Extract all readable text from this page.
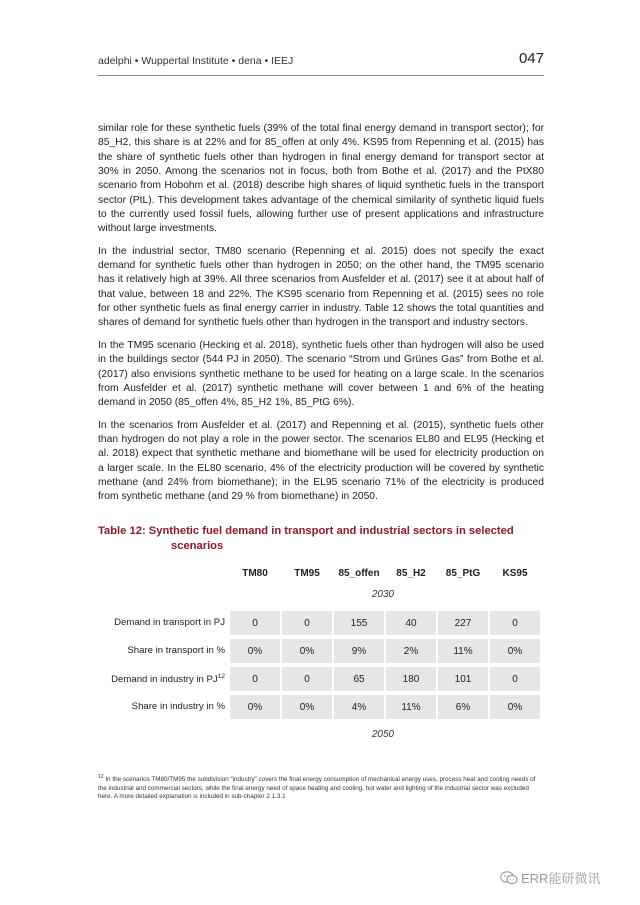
adelphi • Wuppertal Institute • dena • IEEJ	047

similar role for these synthetic fuels (39% of the total final energy demand in transport sector); for 85_H2, this share is at 22% and for 85_offen at only 4%. KS95 from Repenning et al. (2015) has the share of synthetic fuels other than hydrogen in final energy demand for transport sector at 30% in 2050. Among the scenarios not in focus, both from Bothe et al. (2017) and the PtX80 scenario from Hobohm et al. (2018) describe high shares of liquid synthetic fuels in the transport sector (PtL). This development takes advantage of the chemical similarity of synthetic liquid fuels to the currently used fossil fuels, allowing further use of present applications and infrastructure without large investments.

In the industrial sector, TM80 scenario (Repenning et al. 2015) does not specify the exact demand for synthetic fuels other than hydrogen in 2050; on the other hand, the TM95 scenario has it relatively high at 39%. All three scenarios from Ausfelder et al. (2017) see it at about half of that value, between 18 and 22%. The KS95 scenario from Repenning et al. (2015) sees no role for other synthetic fuels as final energy carrier in industry. Table 12 shows the total quantities and shares of demand for synthetic fuels other than hydrogen in the transport and industry sectors.

In the TM95 scenario (Hecking et al. 2018), synthetic fuels other than hydrogen will also be used in the buildings sector (544 PJ in 2050). The scenario “Strom und Grünes Gas” from Bothe et al. (2017) also envisions synthetic methane to be used for heating on a large scale. In the scenarios from Ausfelder et al. (2017) synthetic methane will cover between 1 and 6% of the heating demand in 2050 (85_offen 4%, 85_H2 1%, 85_PtG 6%).

In the scenarios from Ausfelder et al. (2017) and Repenning et al. (2015), synthetic fuels other than hydrogen do not play a role in the power sector. The scenarios EL80 and EL95 (Hecking et al. 2018) expect that synthetic methane and biomethane will be used for electricity production on a larger scale. In the EL80 scenario, 4% of the electricity production will be covered by synthetic methane (and 24% from biomethane); in the EL95 scenario 71% of the electricity is produced from synthetic methane (and 29 % from biomethane) in 2050.

Table 12: Synthetic fuel demand in transport and industrial sectors in selected
scenarios
TM80	TM95	85_offen	85_H2	85_PtG	KS95
2030
Demand in transport in PJ	0	0	155	40	227	0
Share in transport in %	0%	0%	9%	2%	11%	0%
Demand in industry in PJ$^{12}$	0	0	65	180	101	0
Share in industry in %	0%	0%	4%	11%	6%	0%
2050
$^{12}$ In the scenarios TM80/TM95 the subdivision “industry” covers the final energy consumption of mechanical energy uses, process heat and cooling needs of the industrial and commercial sectors, while the final energy need of space heating and cooling, hot water and lighting of the industrial sector was excluded here. A more detailed explanation is included in sub-chapter 2.1.3.1
ERR能研微讯
